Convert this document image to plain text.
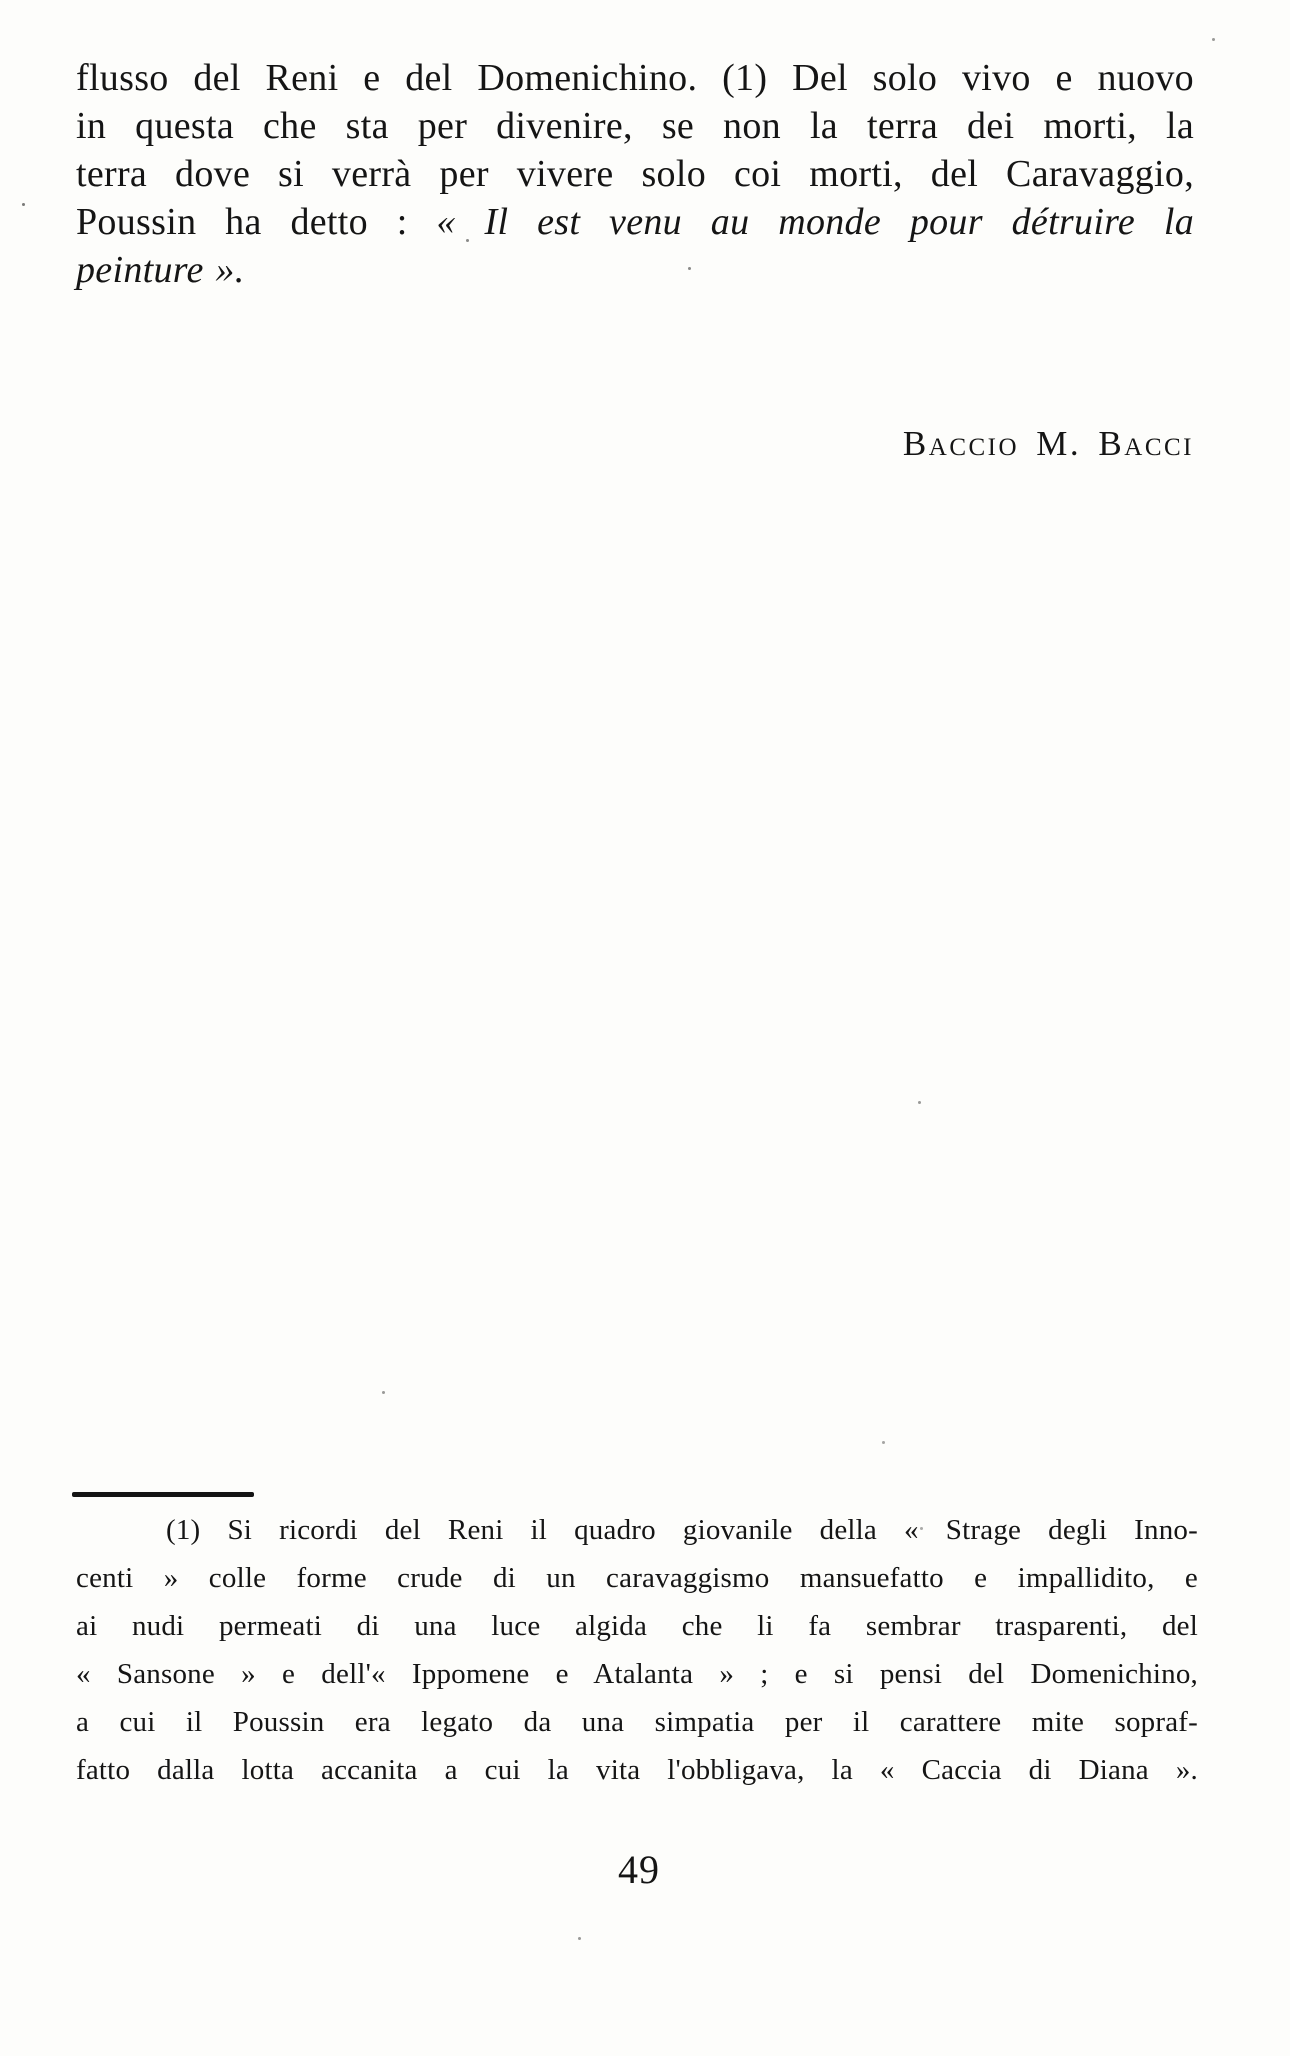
flusso del Reni e del Domenichino. (1) Del solo vivo e nuovo
in questa che sta per divenire, se non la terra dei morti, la
terra dove si verrà per vivere solo coi morti, del Caravaggio,
Poussin ha detto : « Il est venu au monde pour détruire la
peinture ».
Baccio M. Bacci
(1) Si ricordi del Reni il quadro giovanile della « Strage degli Inno-
centi » colle forme crude di un caravaggismo mansuefatto e impallidito, e
ai nudi permeati di una luce algida che li fa sembrar trasparenti, del
« Sansone » e dell'« Ippomene e Atalanta » ; e si pensi del Domenichino,
a cui il Poussin era legato da una simpatia per il carattere mite sopraf-
fatto dalla lotta accanita a cui la vita l'obbligava, la « Caccia di Diana ».
49
